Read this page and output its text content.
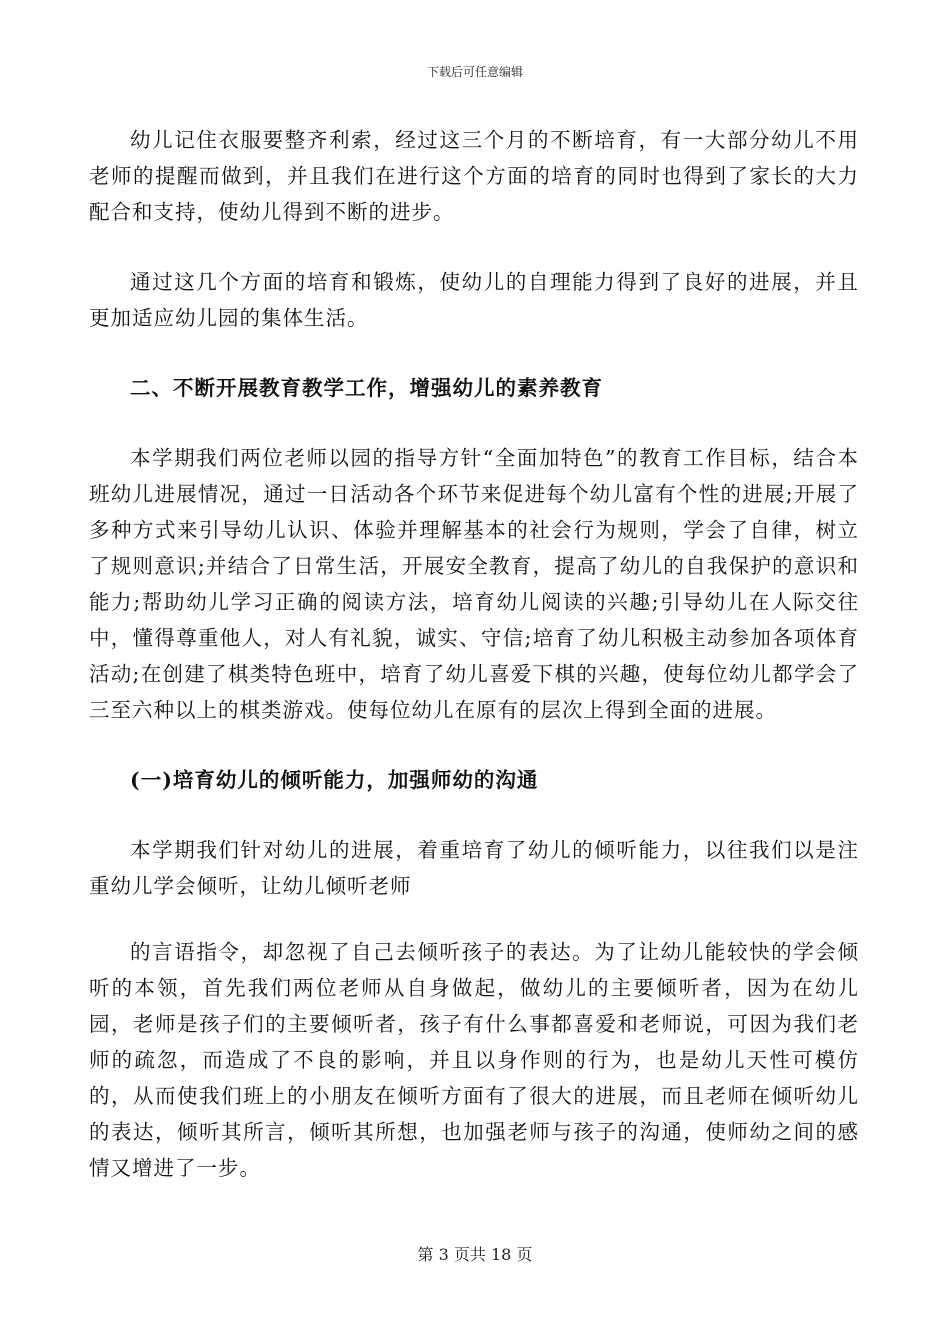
下载后可任意编辑

幼儿记住衣服要整齐利索，经过这三个月的不断培育，有一大部分幼儿不用老师的提醒而做到，并且我们在进行这个方面的培育的同时也得到了家长的大力配合和支持，使幼儿得到不断的进步。

通过这几个方面的培育和锻炼，使幼儿的自理能力得到了良好的进展，并且更加适应幼儿园的集体生活。

二、不断开展教育教学工作，增强幼儿的素养教育

本学期我们两位老师以园的指导方针“全面加特色”的教育工作目标，结合本班幼儿进展情况，通过一日活动各个环节来促进每个幼儿富有个性的进展;开展了多种方式来引导幼儿认识、体验并理解基本的社会行为规则，学会了自律，树立了规则意识;并结合了日常生活，开展安全教育，提高了幼儿的自我保护的意识和能力;帮助幼儿学习正确的阅读方法，培育幼儿阅读的兴趣;引导幼儿在人际交往中，懂得尊重他人，对人有礼貌，诚实、守信;培育了幼儿积极主动参加各项体育活动;在创建了棋类特色班中，培育了幼儿喜爱下棋的兴趣，使每位幼儿都学会了三至六种以上的棋类游戏。使每位幼儿在原有的层次上得到全面的进展。

(一)培育幼儿的倾听能力，加强师幼的沟通

本学期我们针对幼儿的进展，着重培育了幼儿的倾听能力，以往我们以是注重幼儿学会倾听，让幼儿倾听老师

的言语指令，却忽视了自己去倾听孩子的表达。为了让幼儿能较快的学会倾听的本领，首先我们两位老师从自身做起，做幼儿的主要倾听者，因为在幼儿园，老师是孩子们的主要倾听者，孩子有什么事都喜爱和老师说，可因为我们老师的疏忽，而造成了不良的影响，并且以身作则的行为，也是幼儿天性可模仿的，从而使我们班上的小朋友在倾听方面有了很大的进展，而且老师在倾听幼儿的表达，倾听其所言，倾听其所想，也加强老师与孩子的沟通，使师幼之间的感情又增进了一步。

第 3 页共 18 页
